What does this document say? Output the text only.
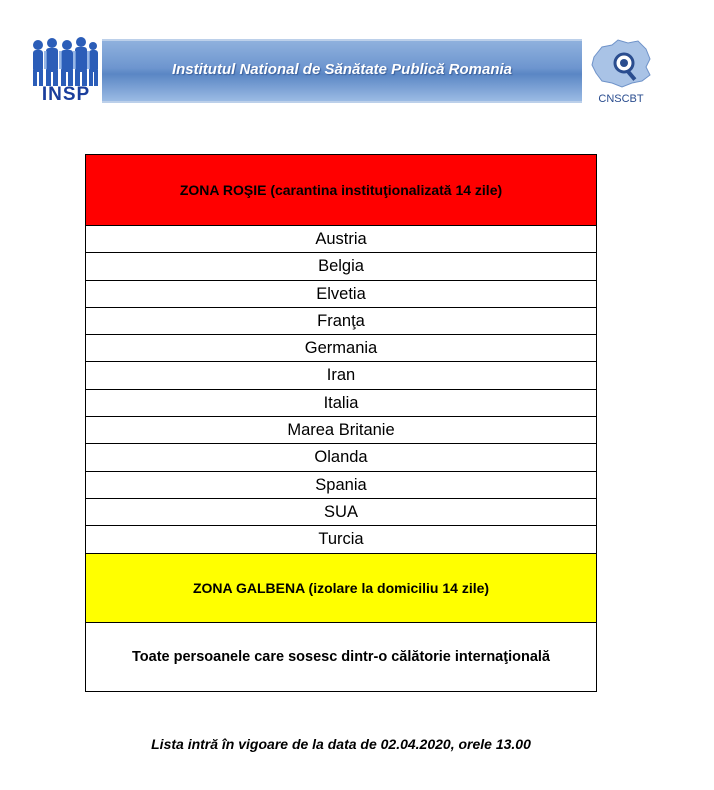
INSP
Institutul National de Sănătate Publică Romania
CNSCBT
ZONA ROŞIE (carantina instituţionalizată 14 zile)
Austria
Belgia
Elvetia
Franţa
Germania
Iran
Italia
Marea Britanie
Olanda
Spania
SUA
Turcia
ZONA GALBENA (izolare la domiciliu 14 zile)
Toate persoanele care sosesc dintr-o călătorie internaţională
Lista intră în vigoare de la data de 02.04.2020, orele 13.00
